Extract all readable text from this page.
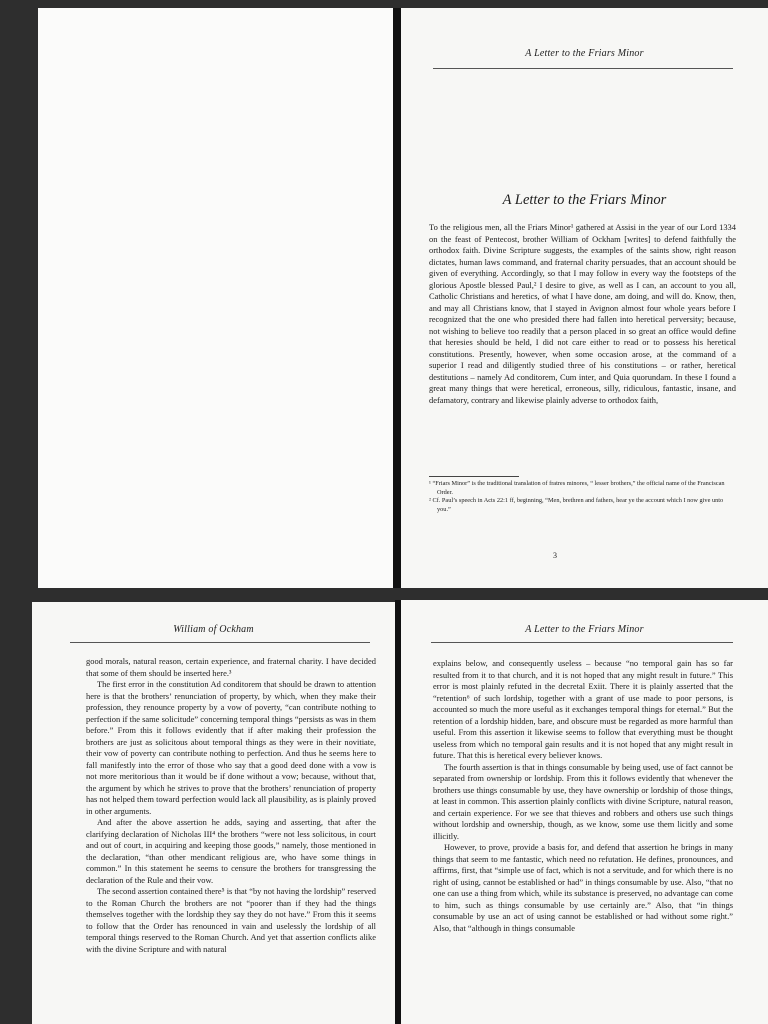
A Letter to the Friars Minor
A Letter to the Friars Minor

To the religious men, all the Friars Minor¹ gathered at Assisi in the year of our Lord 1334 on the feast of Pentecost, brother William of Ockham [writes] to defend faithfully the orthodox faith. Divine Scripture suggests, the examples of the saints show, right reason dictates, human laws command, and fraternal charity persuades, that an account should be given of everything. Accordingly, so that I may follow in every way the footsteps of the glorious Apostle blessed Paul,² I desire to give, as well as I can, an account to you all, Catholic Christians and heretics, of what I have done, am doing, and will do. Know, then, and may all Christians know, that I stayed in Avignon almost four whole years before I recognized that the one who presided there had fallen into heretical perversity; because, not wishing to believe too readily that a person placed in so great an office would define that heresies should be held, I did not care either to read or to possess his heretical constitutions. Presently, however, when some occasion arose, at the command of a superior I read and diligently studied three of his constitutions – or rather, heretical destitutions – namely Ad conditorem, Cum inter, and Quia quorundam. In these I found a great many things that were heretical, erroneous, silly, ridiculous, fantastic, insane, and defamatory, contrary and likewise plainly adverse to orthodox faith,

¹ “Friars Minor” is the traditional translation of fratres minores, “ lesser brothers,” the official name of the Franciscan Order.

² Cf. Paul’s speech in Acts 22:1 ff, beginning, “Men, brethren and fathers, hear ye the account which I now give unto you.”

3
William of Ockham

good morals, natural reason, certain experience, and fraternal charity. I have decided that some of them should be inserted here.³

The first error in the constitution Ad conditorem that should be drawn to attention here is that the brothers’ renunciation of property, by which, when they make their profession, they renounce property by a vow of poverty, “can contribute nothing to perfection if the same solicitude” concerning temporal things “persists as was in them before.” From this it follows evidently that if after making their profession the brothers are just as solicitous about temporal things as they were in their novitiate, their vow of poverty can contribute nothing to perfection. And thus he seems here to fall manifestly into the error of those who say that a good deed done with a vow is not more meritorious than it would be if done without a vow; because, without that, the argument by which he strives to prove that the brothers’ renunciation of property has not helped them toward perfection would lack all plausibility, as is plainly proved in other arguments.

And after the above assertion he adds, saying and asserting, that after the clarifying declaration of Nicholas III⁴ the brothers “were not less solicitous, in court and out of court, in acquiring and keeping those goods,” namely, those mentioned in the declaration, “than other mendicant religious are, who have some things in common.” In this statement he seems to censure the brothers for transgressing the declaration of the Rule and their vow.

The second assertion contained there⁵ is that “by not having the lordship” reserved to the Roman Church the brothers are not “poorer than if they had the things themselves together with the lordship they say they do not have.” From this it seems to follow that the Order has renounced in vain and uselessly the lordship of all temporal things reserved to the Roman Church. And yet that assertion conflicts alike with the divine Scripture and with natural

A Letter to the Friars Minor

explains below, and consequently useless – because “no temporal gain has so far resulted from it to that church, and it is not hoped that any might result in future.” This error is most plainly refuted in the decretal Exiit. There it is plainly asserted that the “retention⁶ of such lordship, together with a grant of use made to poor persons, is accounted so much the more useful as it exchanges temporal things for eternal.” But the retention of a lordship hidden, bare, and obscure must be regarded as more harmful than useful. From this assertion it likewise seems to follow that everything must be thought useless from which no temporal gain results and it is not hoped that any might result in future. That this is heretical every believer knows.

The fourth assertion is that in things consumable by being used, use of fact cannot be separated from ownership or lordship. From this it follows evidently that whenever the brothers use things consumable by use, they have ownership or lordship of those things, at least in common. This assertion plainly conflicts with divine Scripture, natural reason, and certain experience. For we see that thieves and robbers and others use such things without lordship and ownership, though, as we know, some use them licitly and some illicitly.

However, to prove, provide a basis for, and defend that assertion he brings in many things that seem to me fantastic, which need no refutation. He defines, pronounces, and affirms, first, that “simple use of fact, which is not a servitude, and for which there is no right of using, cannot be established or had” in things consumable by use. Also, “that no one can use a thing from which, while its substance is preserved, no advantage can come to him, such as things consumable by use certainly are.” Also, that “in things consumable by use an act of using cannot be established or had without some right.” Also, that “although in things consumable
